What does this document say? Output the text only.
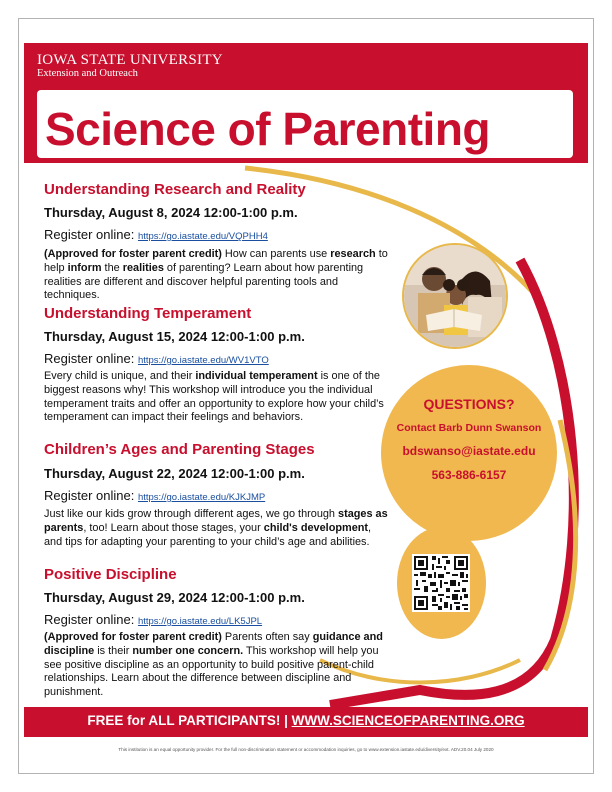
IOWA STATE UNIVERSITY
Extension and Outreach
Science of Parenting
Understanding Research and Reality
Thursday, August 8, 2024 12:00-1:00 p.m.
Register online: https://go.iastate.edu/VQPHH4
(Approved for foster parent credit) How can parents use research to help inform the realities of parenting? Learn about how parenting realities are different and discover helpful parenting tools and techniques.
Understanding Temperament
Thursday, August 15, 2024 12:00-1:00 p.m.
Register online: https://go.iastate.edu/WV1VTO
Every child is unique, and their individual temperament is one of the biggest reasons why! This workshop will introduce you the individual temperament traits and offer an opportunity to explore how your child’s temperament can impact their feelings and behaviors.
Children’s Ages and Parenting Stages
Thursday, August 22, 2024 12:00-1:00 p.m.
Register online: https://go.iastate.edu/KJKJMP
Just like our kids grow through different ages, we go through stages as parents, too! Learn about those stages, your child's development, and tips for adapting your parenting to your child’s age and abilities.
Positive Discipline
Thursday, August 29, 2024 12:00-1:00 p.m.
Register online: https://go.iastate.edu/LK5JPL
(Approved for foster parent credit) Parents often say guidance and discipline is their number one concern. This workshop will help you see positive discipline as an opportunity to build positive parent-child relationships. Learn about the difference between discipline and punishment.
QUESTIONS?
Contact Barb Dunn Swanson
bdswanso@iastate.edu
563-886-6157
FREE for ALL PARTICIPANTS! | WWW.SCIENCEOFPARENTING.ORG
This institution is an equal opportunity provider. For the full non-discrimination statement or accommodation inquiries, go to www.extension.iastate.edu/diversity/ext. ADV.20.04 July 2020
